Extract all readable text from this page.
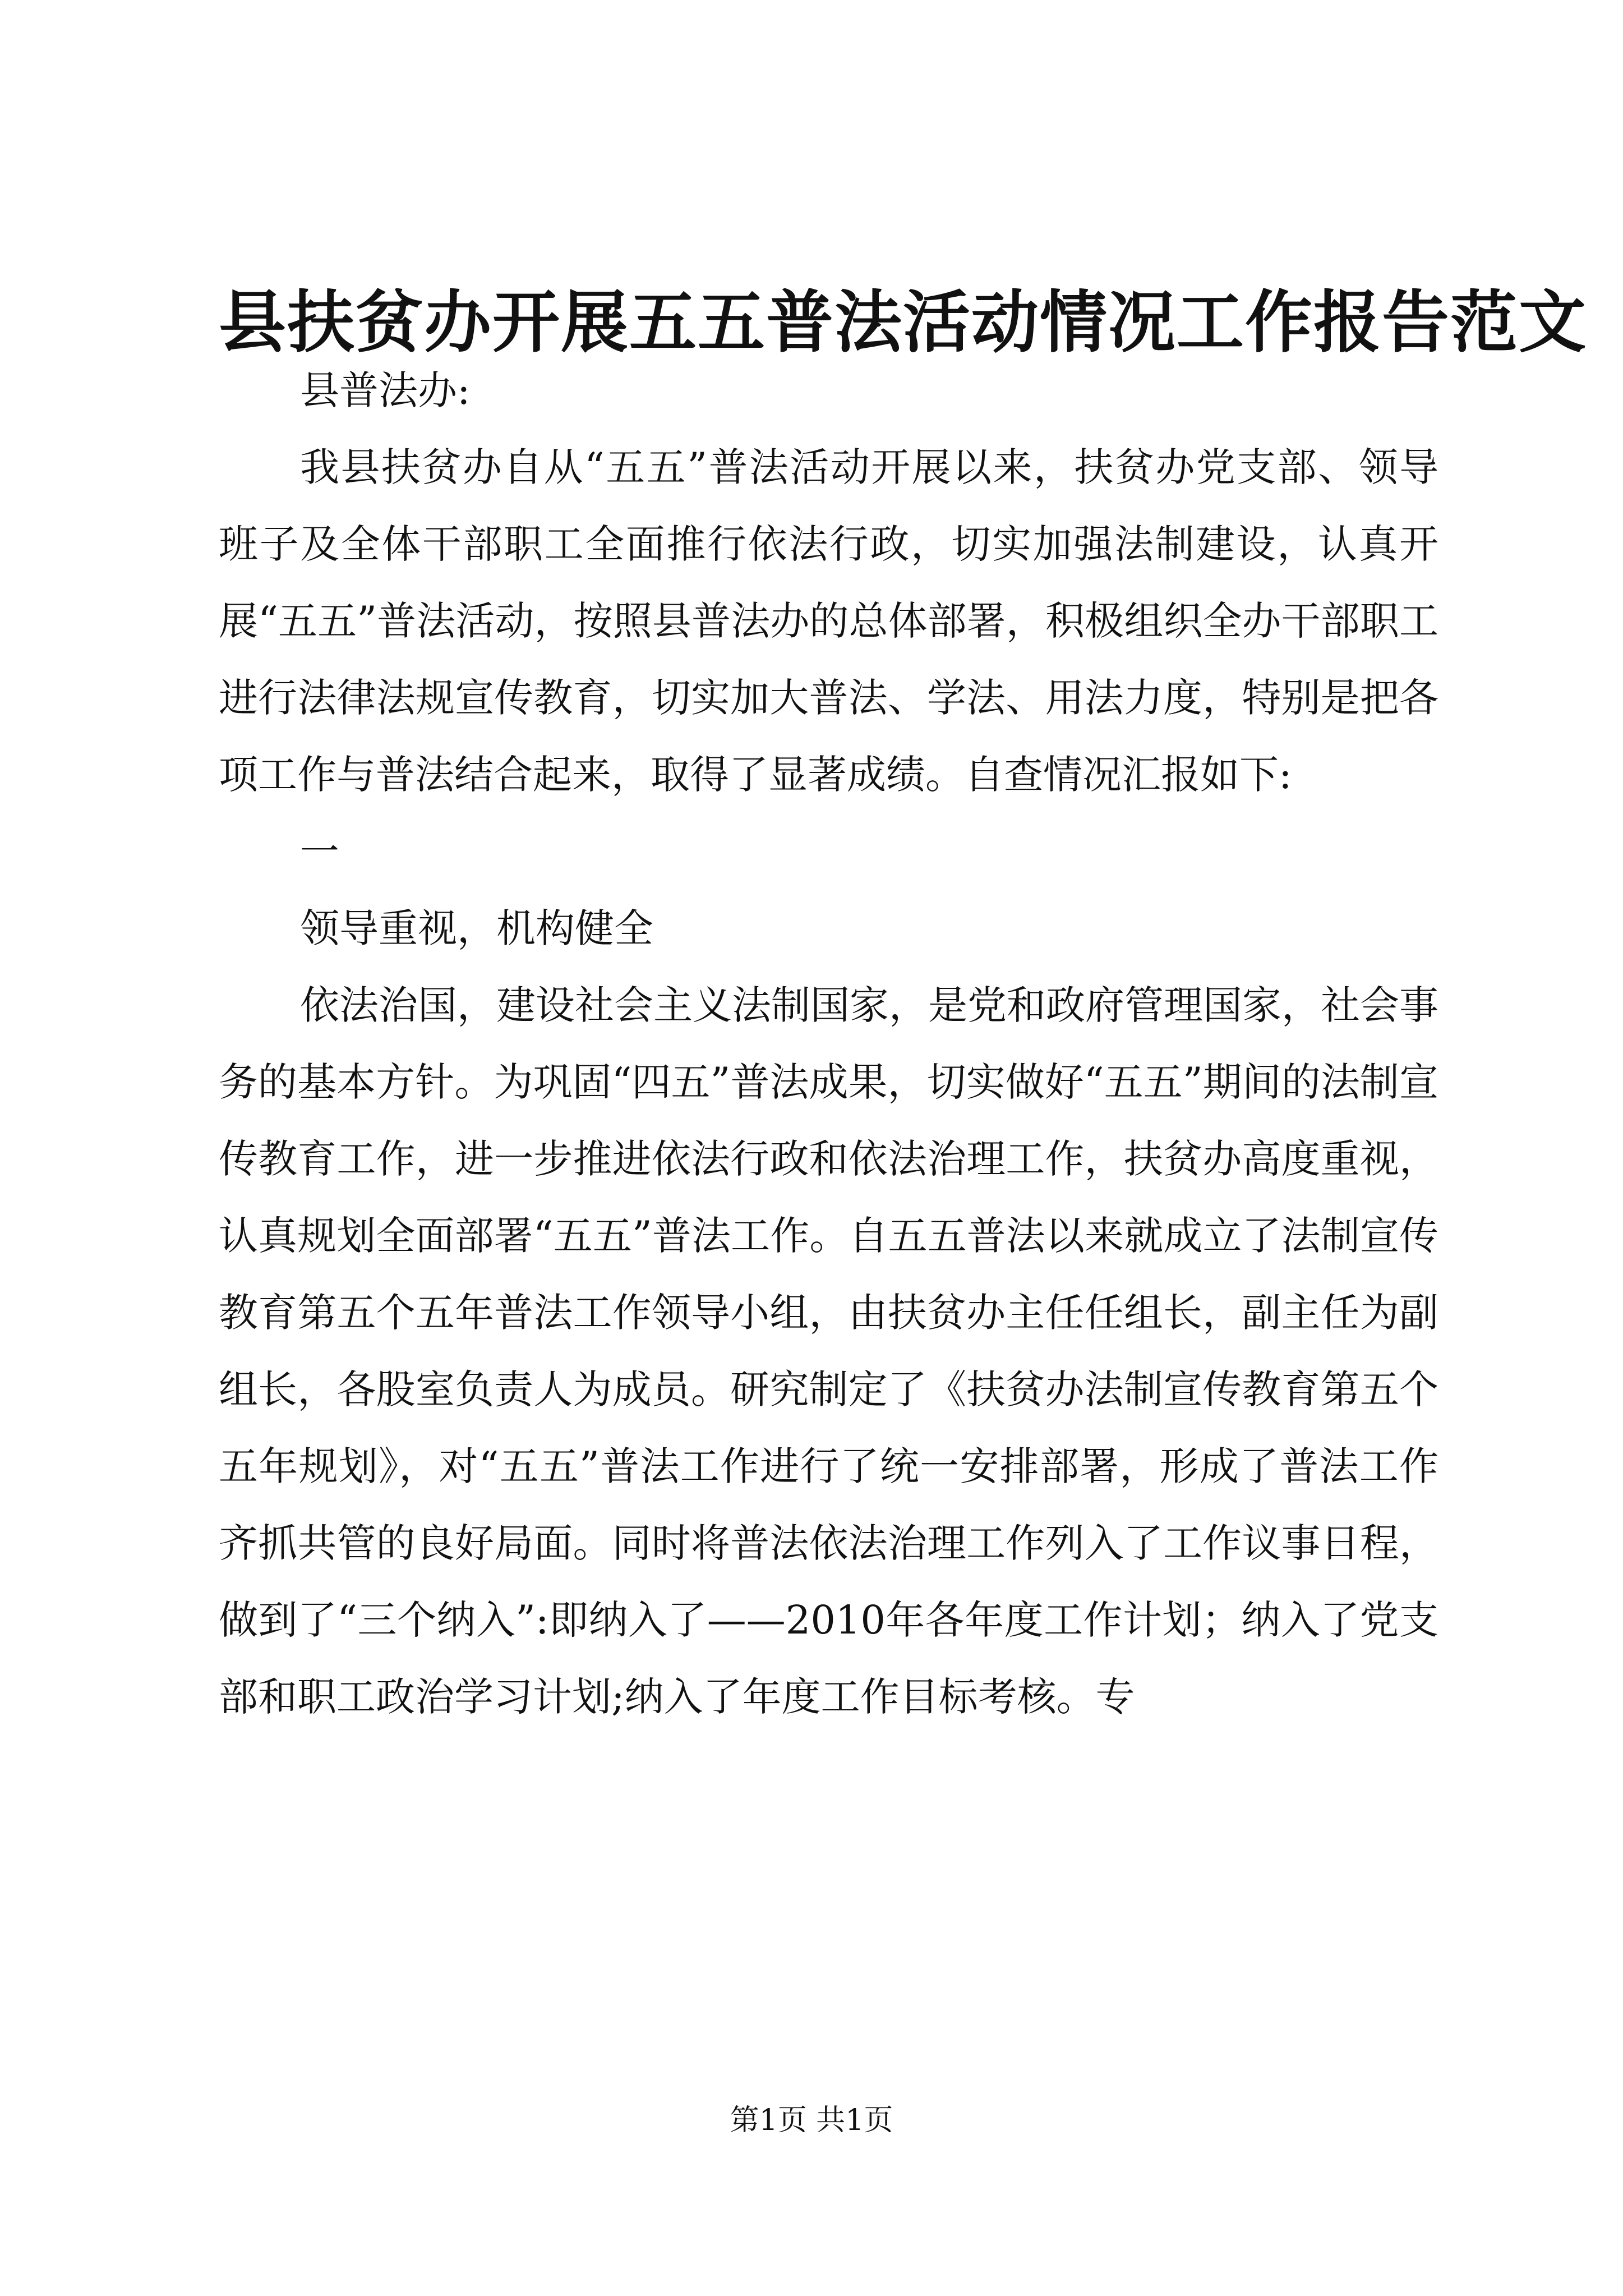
县扶贫办开展五五普法活动情况工作报告范文

县普法办:

我县扶贫办自从“五五”普法活动开展以来，扶贫办党支部、领导班子及全体干部职工全面推行依法行政，切实加强法制建设，认真开展“五五”普法活动，按照县普法办的总体部署，积极组织全办干部职工进行法律法规宣传教育，切实加大普法、学法、用法力度，特别是把各项工作与普法结合起来，取得了显著成绩。自查情况汇报如下:

一

领导重视，机构健全

依法治国，建设社会主义法制国家，是党和政府管理国家，社会事务的基本方针。为巩固“四五”普法成果，切实做好“五五”期间的法制宣传教育工作，进一步推进依法行政和依法治理工作，扶贫办高度重视，认真规划全面部署“五五”普法工作。自五五普法以来就成立了法制宣传教育第五个五年普法工作领导小组，由扶贫办主任任组长，副主任为副组长，各股室负责人为成员。研究制定了《扶贫办法制宣传教育第五个五年规划》，对“五五”普法工作进行了统一安排部署，形成了普法工作齐抓共管的良好局面。同时将普法依法治理工作列入了工作议事日程，做到了“三个纳入”:即纳入了——2010年各年度工作计划；纳入了党支部和职工政治学习计划;纳入了年度工作目标考核。专

第1页 共1页
